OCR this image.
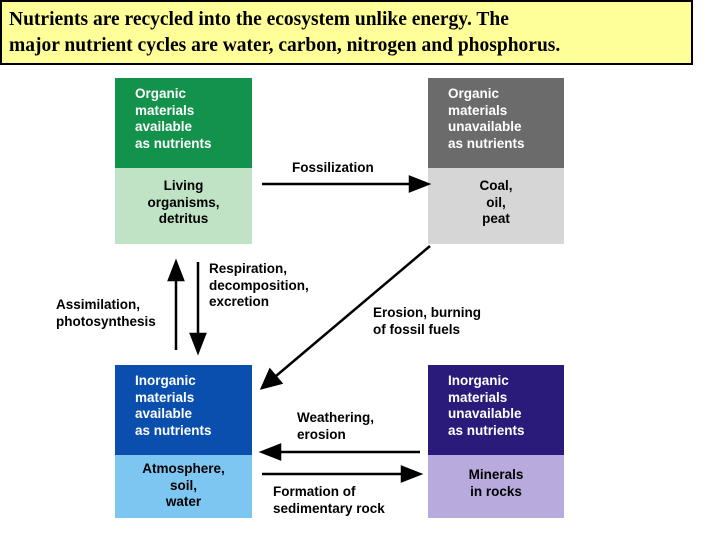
Nutrients are recycled into the ecosystem unlike energy. The
major nutrient cycles are water, carbon, nitrogen and phosphorus.
Organic
materials
available
as nutrients
Living
organisms,
detritus
Organic
materials
unavailable
as nutrients
Coal,
oil,
peat
Inorganic
materials
available
as nutrients
Atmosphere,
soil,
water
Inorganic
materials
unavailable
as nutrients
Minerals
in rocks
Fossilization
Respiration,
decomposition,
excretion
Assimilation,
photosynthesis
Erosion, burning
of fossil fuels
Weathering,
erosion
Formation of
sedimentary rock
